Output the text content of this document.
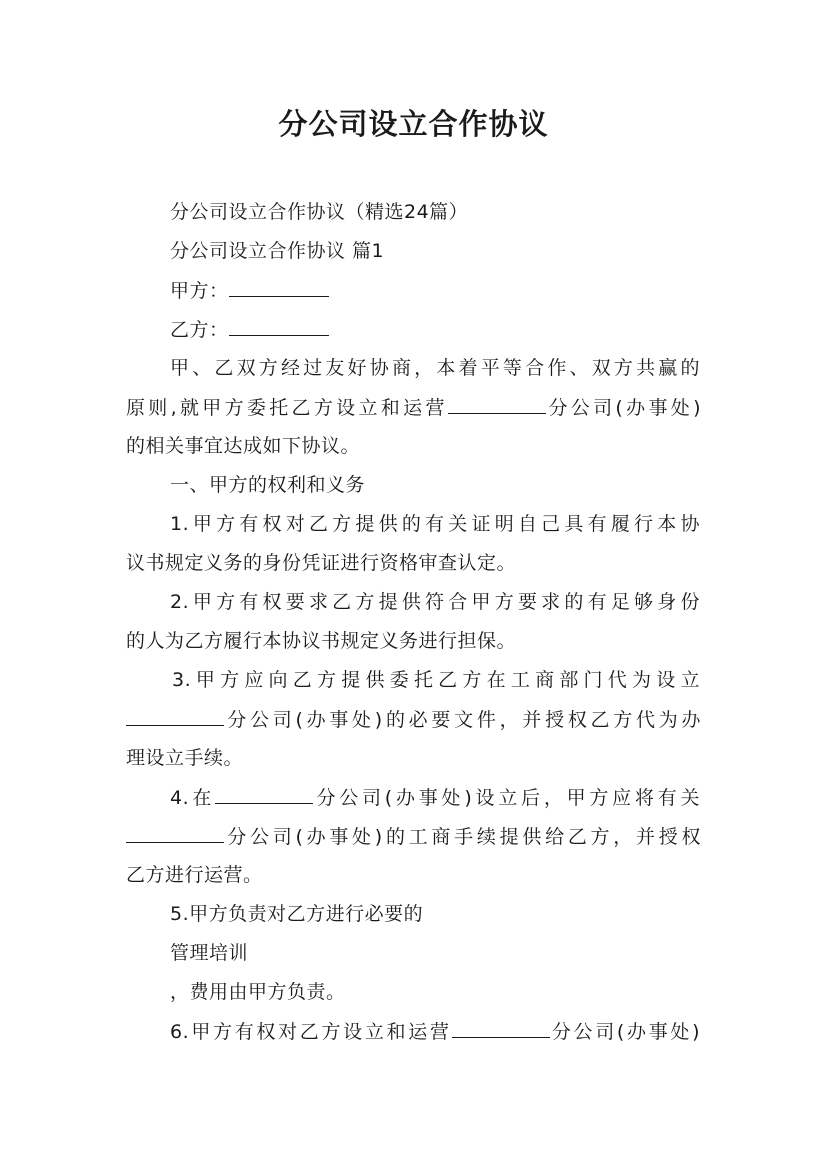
分公司设立合作协议
分公司设立合作协议（精选24篇）
分公司设立合作协议 篇1
甲方：
乙方：
甲、乙双方经过友好协商，本着平等合作、双方共赢的
原则,就甲方委托乙方设立和运营	分公司(办事处)
的相关事宜达成如下协议。
一、甲方的权利和义务
1.甲方有权对乙方提供的有关证明自己具有履行本协
议书规定义务的身份凭证进行资格审查认定。
2.甲方有权要求乙方提供符合甲方要求的有足够身份
的人为乙方履行本协议书规定义务进行担保。
3.甲方应向乙方提供委托乙方在工商部门代为设立
分公司(办事处)的必要文件，并授权乙方代为办
理设立手续。
4.在	分公司(办事处)设立后，甲方应将有关
分公司(办事处)的工商手续提供给乙方，并授权
乙方进行运营。
5.甲方负责对乙方进行必要的
管理培训
，费用由甲方负责。
6.甲方有权对乙方设立和运营	分公司(办事处)
